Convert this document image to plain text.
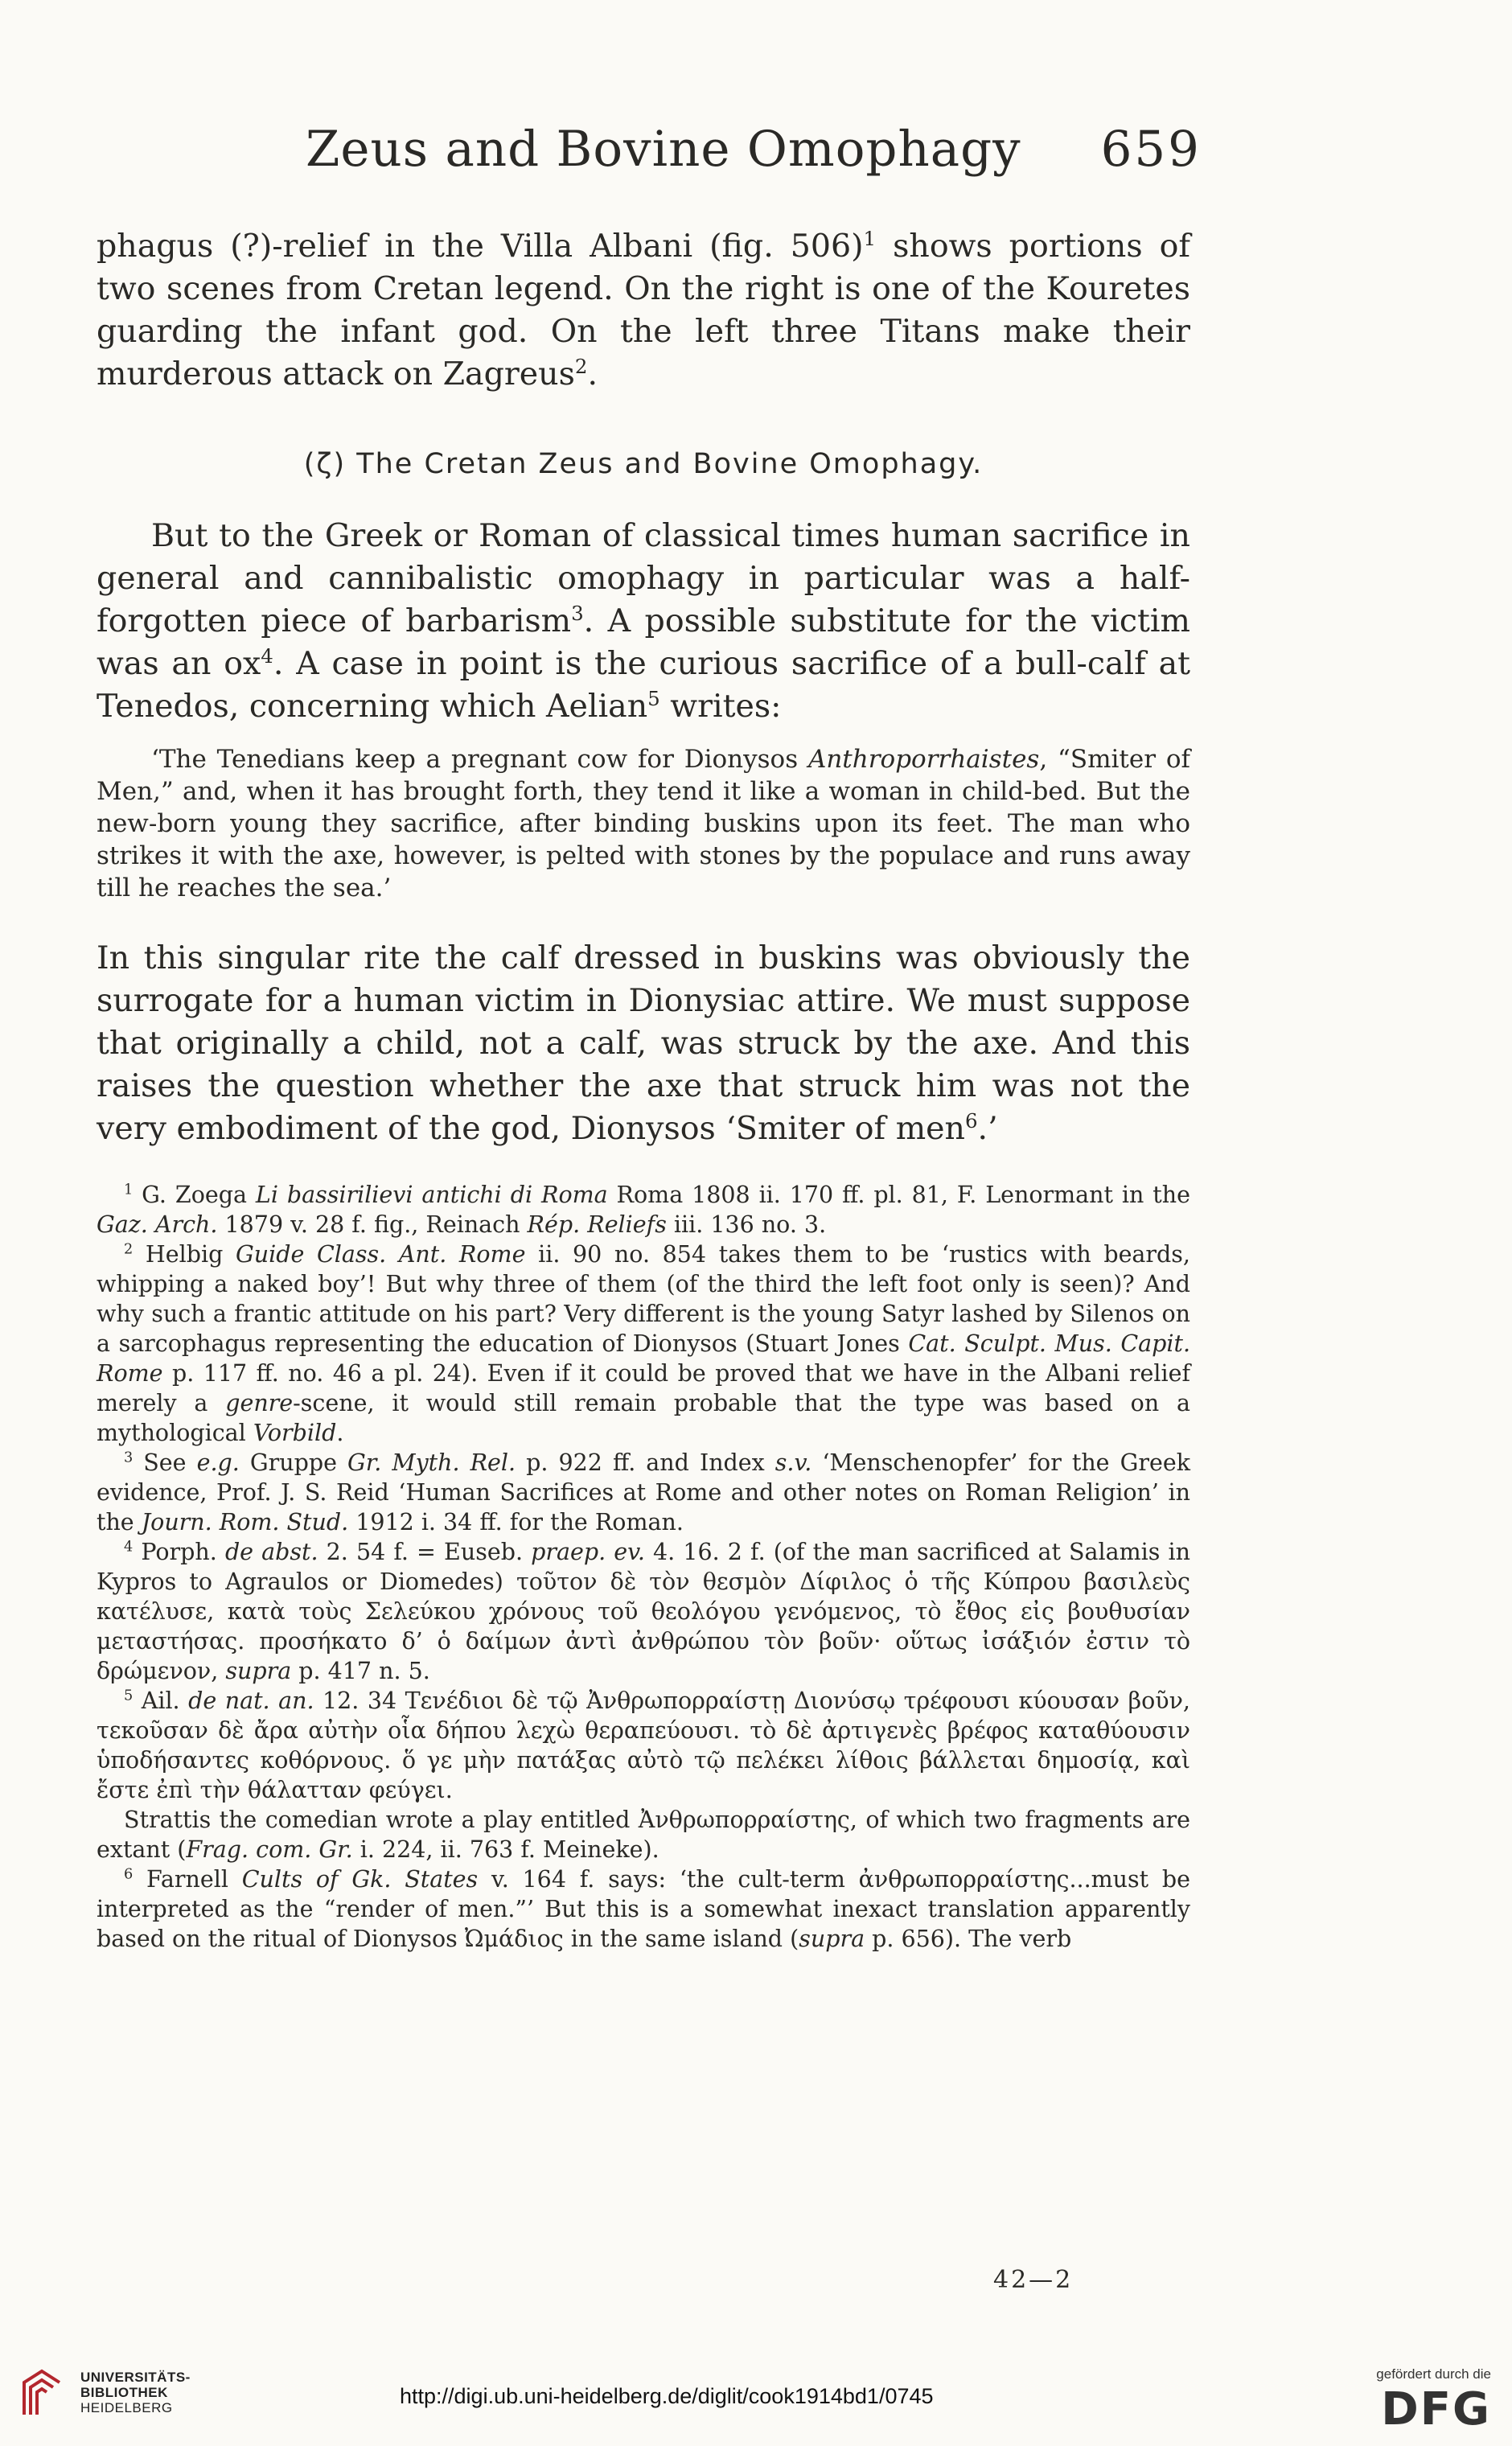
Zeus and Bovine Omophagy 659

phagus (?)-relief in the Villa Albani (fig. 506)$^1$ shows portions of two scenes from Cretan legend. On the right is one of the Kouretes guarding the infant god. On the left three Titans make their murderous attack on Zagreus$^2$.

(ζ) The Cretan Zeus and Bovine Omophagy.

But to the Greek or Roman of classical times human sacrifice in general and cannibalistic omophagy in particular was a half-forgotten piece of barbarism$^3$. A possible substitute for the victim was an $ox^4$. A case in point is the curious sacrifice of a bull-calf at Tenedos, concerning which Aelian$^5$ writes:

‘The Tenedians keep a pregnant cow for Dionysos Anthroporrhaistes, “Smiter of Men,” and, when it has brought forth, they tend it like a woman in child-bed. But the new-born young they sacrifice, after binding buskins upon its feet. The man who strikes it with the axe, however, is pelted with stones by the populace and runs away till he reaches the sea.’

In this singular rite the calf dressed in buskins was obviously the surrogate for a human victim in Dionysiac attire. We must suppose that originally a child, not a calf, was struck by the axe. And this raises the question whether the axe that struck him was not the very embodiment of the god, Dionysos ‘Smiter of men$^6$.’

$^1$ G. Zoega Li bassirilievi antichi di Roma Roma 1808 ii. 170 ff. pl. 81, F. Lenormant in the Gaz. Arch. 1879 v. 28 f. fig., Reinach Rép. Reliefs iii. 136 no. 3.

$^2$ Helbig Guide Class. Ant. Rome ii. 90 no. 854 takes them to be ‘rustics with beards, whipping a naked boy’! But why three of them (of the third the left foot only is seen)? And why such a frantic attitude on his part? Very different is the young Satyr lashed by Silenos on a sarcophagus representing the education of Dionysos (Stuart Jones Cat. Sculpt. Mus. Capit. Rome p. 117 ff. no. 46 a pl. 24). Even if it could be proved that we have in the Albani relief merely a genre-scene, it would still remain probable that the type was based on a mythological Vorbild.

$^3$ See e.g. Gruppe Gr. Myth. Rel. p. 922 ff. and Index s.v. ‘Menschenopfer’ for the Greek evidence, Prof. J. S. Reid ‘Human Sacrifices at Rome and other notes on Roman Religion’ in the Journ. Rom. Stud. 1912 i. 34 ff. for the Roman.

$^4$ Porph. de abst. 2. 54 f. = Euseb. praep. ev. 4. 16. 2 f. (of the man sacrificed at Salamis in Kypros to Agraulos or Diomedes) τοῦτον δὲ τὸν θεσμὸν Δίφιλος ὁ τῆς Κύπρου βασιλεὺς κατέλυσε, κατὰ τοὺς Σελεύκου χρόνους τοῦ θεολόγου γενόμενος, τὸ ἔθος εἰς βουθυσίαν μεταστήσας. προσήκατο δ’ ὁ δαίμων ἀντὶ ἀνθρώπου τὸν βοῦν· οὕτως ἰσάξιόν ἐστιν τὸ δρώμενον, supra p. 417 n. 5.

$^5$ Ail. de nat. an. 12. 34 Τενέδιοι δὲ τῷ Ἀνθρωπορραίστῃ Διονύσῳ τρέφουσι κύουσαν βοῦν, τεκοῦσαν δὲ ἄρα αὐτὴν οἷα δήπου λεχὼ θεραπεύουσι. τὸ δὲ ἀρτιγενὲς βρέφος καταθύουσιν ὑποδήσαντες κοθόρνους. ὅ γε μὴν πατάξας αὐτὸ τῷ πελέκει λίθοις βάλλεται δημοσίᾳ, καὶ ἔστε ἐπὶ τὴν θάλατταν φεύγει.

Strattis the comedian wrote a play entitled Ἀνθρωπορραίστης, of which two fragments are extant (Frag. com. Gr. i. 224, ii. 763 f. Meineke).

$^6$ Farnell Cults of Gk. States v. 164 f. says: ‘the cult-term ἀνθρωπορραίστης...must be interpreted as the “render of men.”’ But this is a somewhat inexact translation apparently based on the ritual of Dionysos Ὠμάδιος in the same island (supra p. 656). The verb

42—2
UNIVERSITÄTS-
BIBLIOTHEK
HEIDELBERG	http://digi.ub.uni-heidelberg.de/diglit/cook1914bd1/0745
gefördert durch die
DFG
